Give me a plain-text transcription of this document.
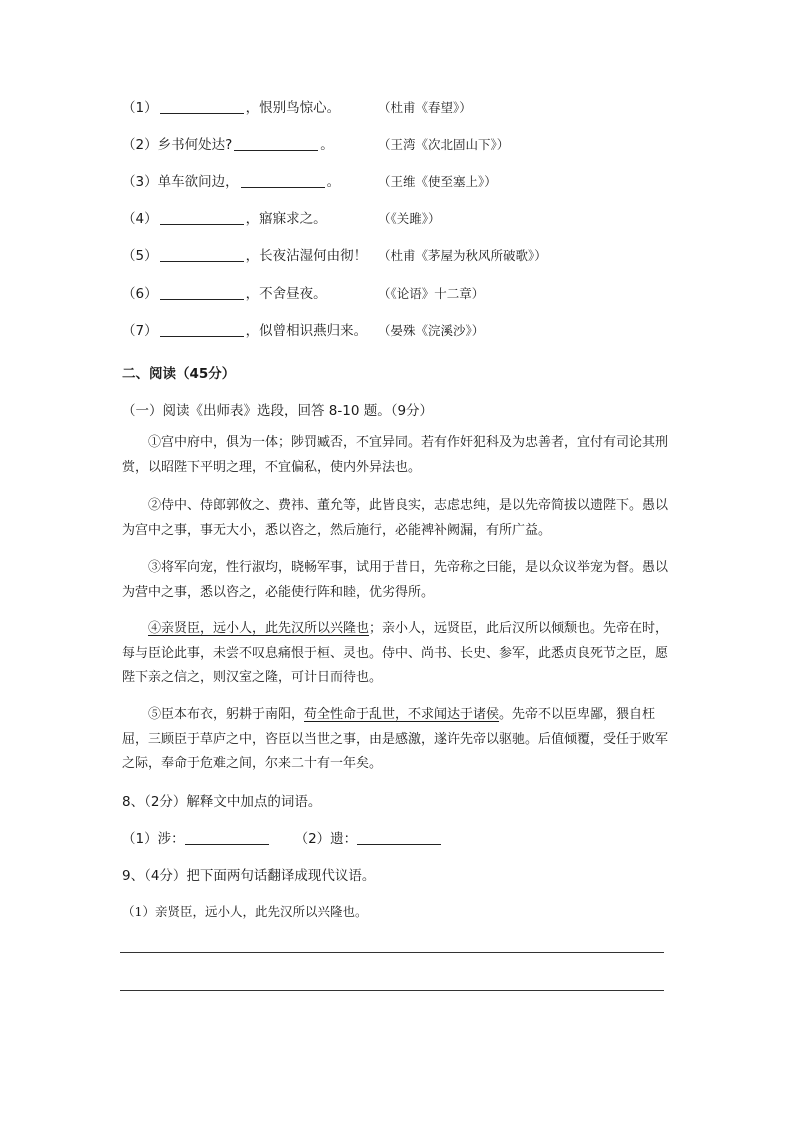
（1）	，恨别鸟惊心。	（杜甫《春望》）
（2）乡书何处达?	。	（王湾《次北固山下》）
（3）单车欲问边，	。	（王维《使至塞上》）
（4）	，寤寐求之。	（《关雎》）
（5）	，长夜沾湿何由彻！ （杜甫《茅屋为秋风所破歌》）
（6）	，不舍昼夜。	（《论语》十二章）
（7）	，似曾相识燕归来。 （晏殊《浣溪沙》）
二、阅读（45分）
（一）阅读《出师表》选段，回答 8-10 题。（9分）

①宫中府中，俱为一体；陟罚臧否，不宜异同。若有作奸犯科及为忠善者，宜付有司论其刑赏，以昭陛下平明之理，不宜偏私，使内外异法也。

②侍中、侍郎郭攸之、费祎、董允等，此皆良实，志虑忠纯，是以先帝简拔以遗陛下。愚以为宫中之事，事无大小，悉以咨之，然后施行，必能裨补阙漏，有所广益。

③将军向宠，性行淑均，晓畅军事，试用于昔日，先帝称之曰能，是以众议举宠为督。愚以为营中之事，悉以咨之，必能使行阵和睦，优劣得所。

④亲贤臣，远小人，此先汉所以兴隆也；亲小人，远贤臣，此后汉所以倾颓也。先帝在时，每与臣论此事，未尝不叹息痛恨于桓、灵也。侍中、尚书、长史、参军，此悉贞良死节之臣，愿陛下亲之信之，则汉室之隆，可计日而待也。

⑤臣本布衣，躬耕于南阳，苟全性命于乱世，不求闻达于诸侯。先帝不以臣卑鄙，猥自枉屈，三顾臣于草庐之中，咨臣以当世之事，由是感激，遂许先帝以驱驰。后值倾覆，受任于败军之际，奉命于危难之间，尔来二十有一年矣。

8、（2分）解释文中加点的词语。
（1）涉：	（2）遗：
9、（4分）把下面两句话翻译成现代议语。
（1）亲贤臣，远小人，此先汉所以兴隆也。
